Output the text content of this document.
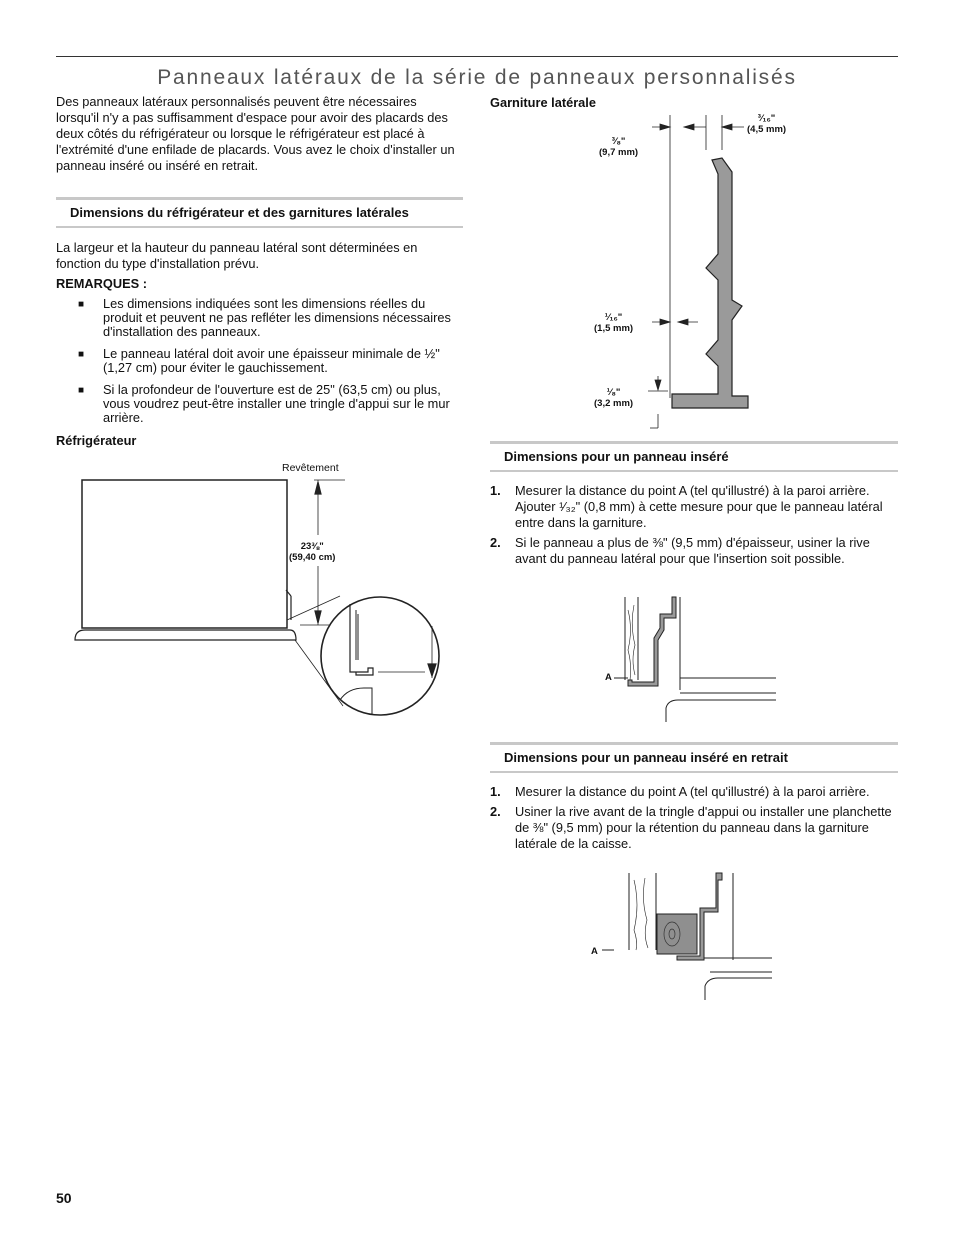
Panneaux latéraux de la série de panneaux personnalisés

Des panneaux latéraux personnalisés peuvent être nécessaires lorsqu'il n'y a pas suffisamment d'espace pour avoir des placards des deux côtés du réfrigérateur ou lorsque le réfrigérateur est placé à l'extrémité d'une enfilade de placards. Vous avez le choix d'installer un panneau inséré ou inséré en retrait.

Dimensions du réfrigérateur et des garnitures latérales

La largeur et la hauteur du panneau latéral sont déterminées en fonction du type d'installation prévu.

REMARQUES :

■ Les dimensions indiquées sont les dimensions réelles du produit et peuvent ne pas refléter les dimensions nécessaires d'installation des panneaux.
■ Le panneau latéral doit avoir une épaisseur minimale de ½" (1,27 cm) pour éviter le gauchissement.
■ Si la profondeur de l'ouverture est de 25" (63,5 cm) ou plus, vous voudrez peut-être installer une tringle d'appui sur le mur arrière.

Réfrigérateur

Revêtement
23⅜"
(59,40 cm)

Garniture latérale

³⁄₁₆"
(4,5 mm)
³⁄₈"
(9,7 mm)
¹⁄₁₆"
(1,5 mm)
¹⁄₈"
(3,2 mm)
Dimensions pour un panneau inséré
1. Mesurer la distance du point A (tel qu'illustré) à la paroi arrière. Ajouter ¹⁄₃₂" (0,8 mm) à cette mesure pour que le panneau latéral entre dans la garniture.
2. Si le panneau a plus de ⅜" (9,5 mm) d'épaisseur, usiner la rive avant du panneau latéral pour que l'insertion soit possible.
A
Dimensions pour un panneau inséré en retrait
1. Mesurer la distance du point A (tel qu'illustré) à la paroi arrière.
2. Usiner la rive avant de la tringle d'appui ou installer une planchette de ⅜" (9,5 mm) pour la rétention du panneau dans la garniture latérale de la caisse.
A
50
